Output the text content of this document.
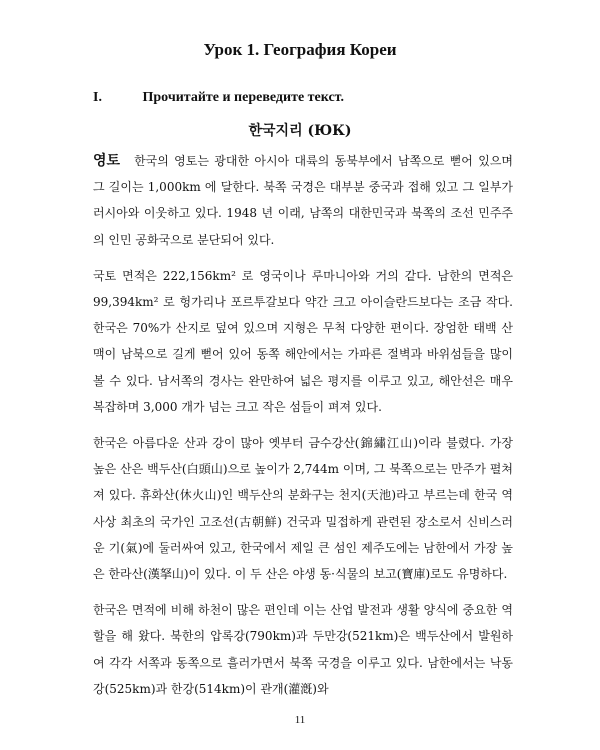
Урок 1. География Кореи
I.	Прочитайте и переведите текст.
한국지리 (ЮК)

영토 한국의 영토는 광대한 아시아 대륙의 동북부에서 남쪽으로 뻗어 있으며 그 길이는 1,000km 에 달한다. 북쪽 국경은 대부분 중국과 접해 있고 그 일부가 러시아와 이웃하고 있다. 1948 년 이래, 남쪽의 대한민국과 북쪽의 조선 민주주의 인민 공화국으로 분단되어 있다.

국토 면적은 222,156km² 로 영국이나 루마니아와 거의 같다. 남한의 면적은 99,394km² 로 헝가리나 포르투갈보다 약간 크고 아이슬란드보다는 조금 작다. 한국은 70%가 산지로 덮여 있으며 지형은 무척 다양한 편이다. 장엄한 태백 산맥이 남북으로 길게 뻗어 있어 동쪽 해안에서는 가파른 절벽과 바위섬들을 많이 볼 수 있다. 남서쪽의 경사는 완만하여 넓은 평지를 이루고 있고, 해안선은 매우 복잡하며 3,000 개가 넘는 크고 작은 섬들이 펴져 있다.

한국은 아름다운 산과 강이 많아 옛부터 금수강산(錦繡江山)이라 불렸다. 가장 높은 산은 백두산(白頭山)으로 높이가 2,744m 이며, 그 북쪽으로는 만주가 펼쳐져 있다. 휴화산(休火山)인 백두산의 분화구는 천지(天池)라고 부르는데 한국 역사상 최초의 국가인 고조선(古朝鮮) 건국과 밀접하게 관련된 장소로서 신비스러운 기(氣)에 둘러싸여 있고, 한국에서 제일 큰 섬인 제주도에는 남한에서 가장 높은 한라산(漢拏山)이 있다. 이 두 산은 야생 동·식물의 보고(寶庫)로도 유명하다.

한국은 면적에 비해 하천이 많은 편인데 이는 산업 발전과 생활 양식에 중요한 역할을 해 왔다. 북한의 압록강(790km)과 두만강(521km)은 백두산에서 발원하여 각각 서쪽과 동쪽으로 흘러가면서 북쪽 국경을 이루고 있다. 남한에서는 낙동강(525km)과 한강(514km)이 관개(灌漑)와

11
